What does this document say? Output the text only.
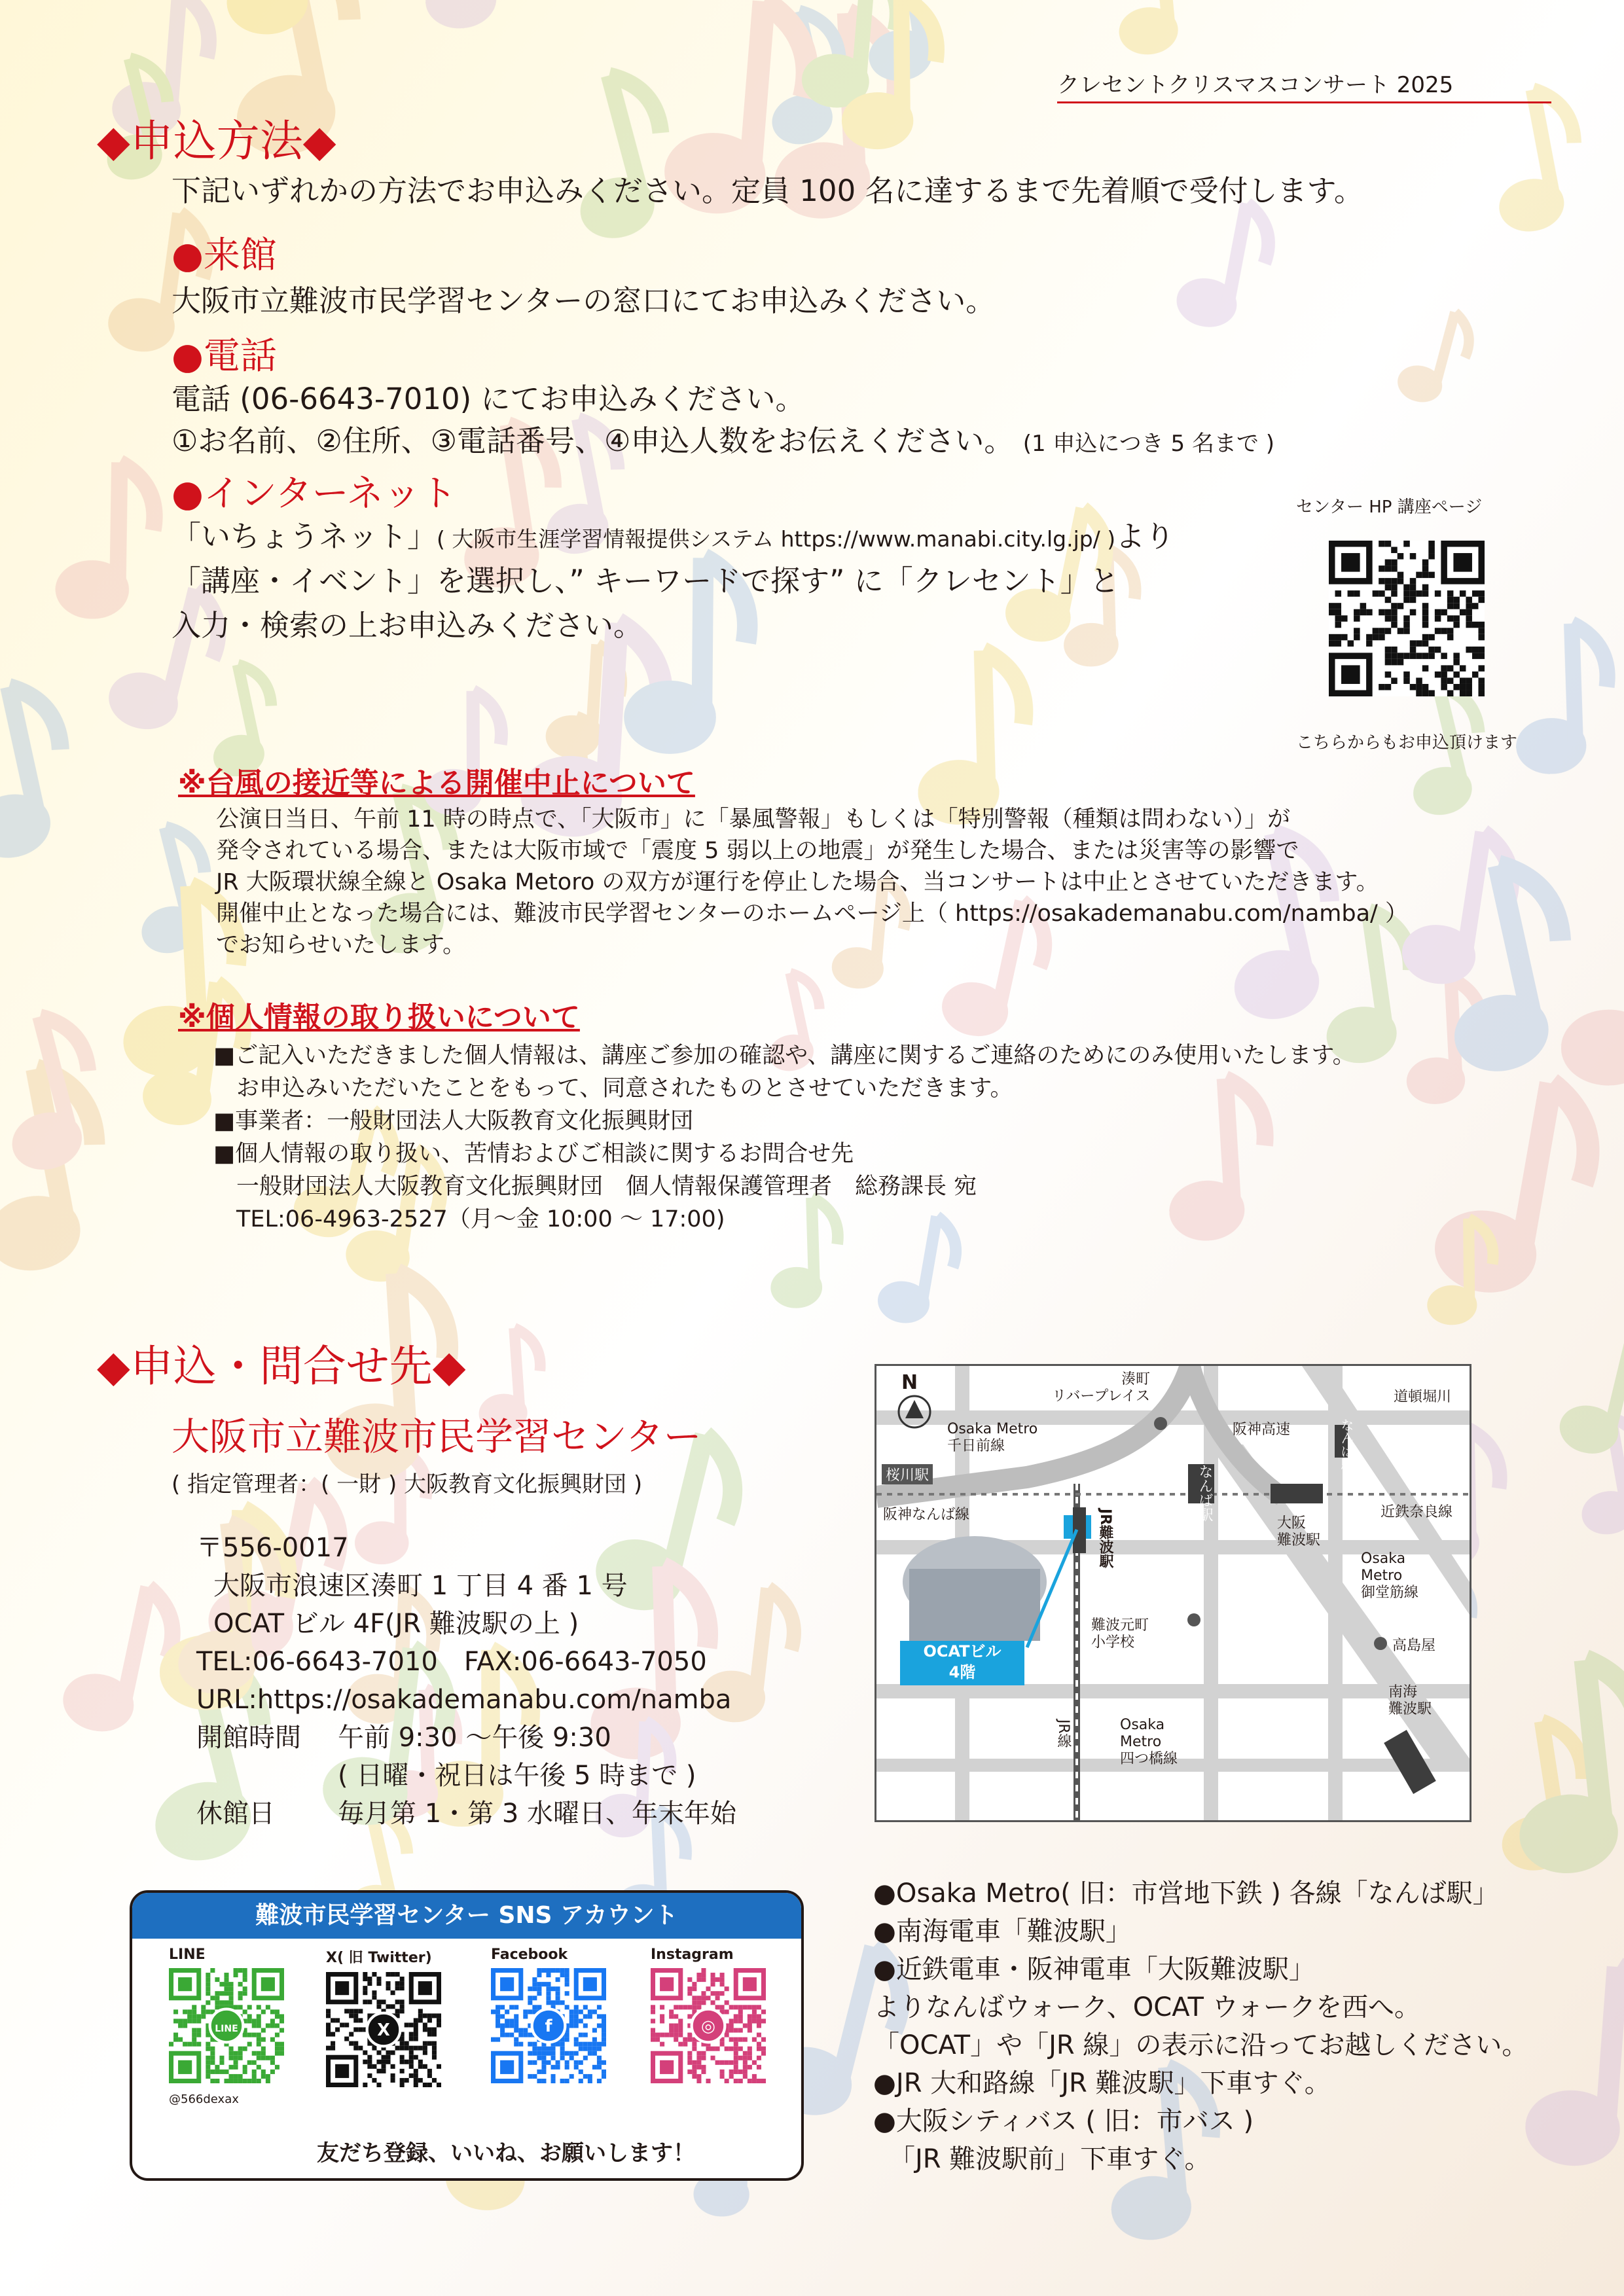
クレセントクリスマスコンサート 2025
◆申込方法◆
下記いずれかの方法でお申込みください。定員 100 名に達するまで先着順で受付します。
●来館
大阪市立難波市民学習センターの窓口にてお申込みください。
●電話
電話 (06-6643-7010) にてお申込みください。
①お名前、②住所、③電話番号、④申込人数をお伝えください。 (1 申込につき 5 名まで )
●インターネット
「いちょうネット」( 大阪市生涯学習情報提供システム https://www.manabi.city.lg.jp/ )より
「講座・イベント」を選択し、” キーワードで探す” に「クレセント」と
入力・検索の上お申込みください。
センター HP 講座ページ
こちらからもお申込頂けます
※台風の接近等による開催中止について
公演日当日、午前 11 時の時点で、「大阪市」に「暴風警報」もしくは「特別警報（種類は問わない）」が
発令されている場合、または大阪市域で「震度 5 弱以上の地震」が発生した場合、または災害等の影響で
JR 大阪環状線全線と Osaka Metoro の双方が運行を停止した場合、当コンサートは中止とさせていただきます。
開催中止となった場合には、難波市民学習センターのホームページ上（ https://osakademanabu.com/namba/ ）
でお知らせいたします。
※個人情報の取り扱いについて
■ご記入いただきました個人情報は、講座ご参加の確認や、講座に関するご連絡のためにのみ使用いたします。
　お申込みいただいたことをもって、同意されたものとさせていただきます。
■事業者：一般財団法人大阪教育文化振興財団
■個人情報の取り扱い、苦情およびご相談に関するお問合せ先
　一般財団法人大阪教育文化振興財団　個人情報保護管理者　総務課長 宛
　TEL:06-4963-2527（月～金 10:00 ～ 17:00)
◆申込・問合せ先◆
大阪市立難波市民学習センター
( 指定管理者：( 一財 ) 大阪教育文化振興財団 )
〒556-0017
大阪市浪速区湊町 1 丁目 4 番 1 号
OCAT ビル 4F(JR 難波駅の上 )
TEL:06-6643-7010　FAX:06-6643-7050
URL:https://osakademanabu.com/namba
開館時間 午前 9:30 ～午後 9:30
( 日曜・祝日は午後 5 時まで )
休館日 毎月第 1・第 3 水曜日、年末年始
N	湊町
リバープレイス
Osaka Metro
千日前線
阪神高速
道頓堀川
桜川駅	なんば駅
なんば駅
近鉄奈良線
阪神なんば線	JR難波駅	大阪
難波駅
Osaka
Metro
御堂筋線
難波元町
小学校	高島屋
OCATビル
4階
南海
難波駅
JR線	Osaka
Metro
四つ橋線
●Osaka Metro( 旧：市営地下鉄 ) 各線「なんば駅」
●南海電車「難波駅」
●近鉄電車・阪神電車「大阪難波駅」
よりなんばウォーク、OCAT ウォークを西へ。
「OCAT」や「JR 線」の表示に沿ってお越しください。
●JR 大和路線「JR 難波駅」下車すぐ。
●大阪シティバス ( 旧：市バス )
「JR 難波駅前」下車すぐ。
難波市民学習センター SNS アカウント
LINE
LINE
@566dexax
X( 旧 Twitter)
X
Facebook
f
Instagram
◎
友だち登録、いいね、お願いします！
